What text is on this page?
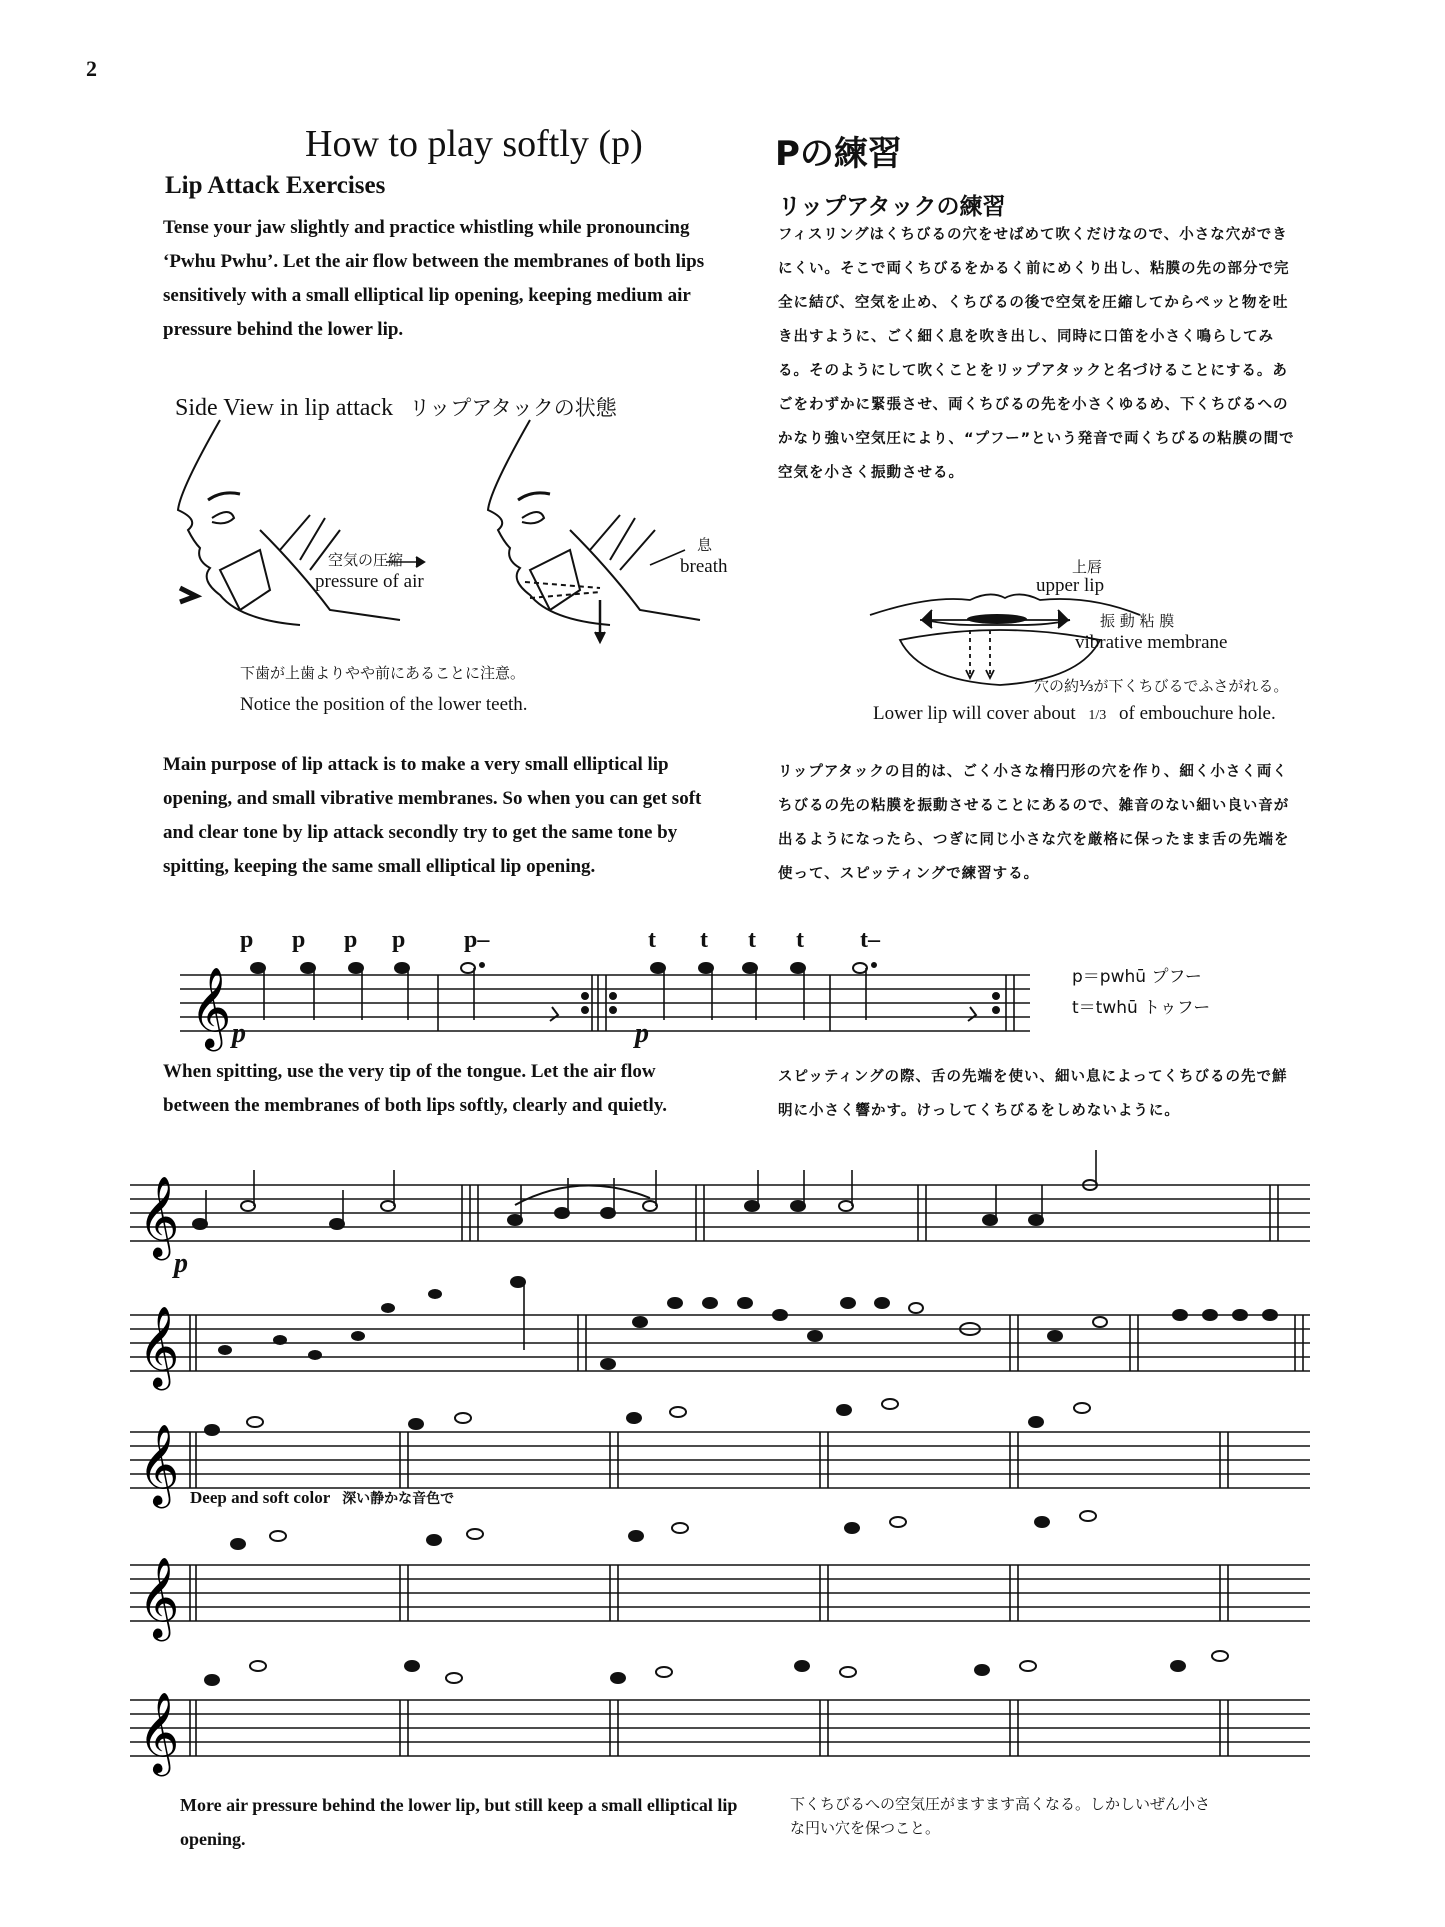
2
How to play softly (p)	Pの練習
Lip Attack Exercises
リップアタックの練習
Tense your jaw slightly and practice whistling while pronouncing ‘Pwhu Pwhu’. Let the air flow between the membranes of both lips sensitively with a small elliptical lip opening, keeping medium air pressure behind the lower lip.
フィスリングはくちびるの穴をせばめて吹くだけなので、小さな穴ができにくい。そこで両くちびるをかるく前にめくり出し、粘膜の先の部分で完全に結び、空気を止め、くちびるの後で空気を圧縮してからペッと物を吐き出すように、ごく細く息を吹き出し、同時に口笛を小さく鳴らしてみる。そのようにして吹くことをリップアタックと名づけることにする。あごをわずかに緊張させ、両くちびるの先を小さくゆるめ、下くちびるへのかなり強い空気圧により、“プフー”という発音で両くちびるの粘膜の間で空気を小さく振動させる。
Side View in lip attack リップアタックの状態
空気の圧縮
pressure of air
息
breath
下歯が上歯よりやや前にあることに注意。
Notice the position of the lower teeth.
上唇
upper lip
振 動 粘 膜
vibrative membrane
穴の約⅓が下くちびるでふさがれる。
Lower lip will cover about 1/3 of embouchure hole.
Main purpose of lip attack is to make a very small elliptical lip opening, and small vibrative membranes. So when you can get soft and clear tone by lip attack secondly try to get the same tone by spitting, keeping the same small elliptical lip opening.
リップアタックの目的は、ごく小さな楕円形の穴を作り、細く小さく両くちびるの先の粘膜を振動させることにあるので、雑音のない細い良い音が出るようになったら、つぎに同じ小さな穴を厳格に保ったまま舌の先端を使って、スピッティングで練習する。
p p p p p–	t t t t t–
𝄞 p	p
p＝pwhū プフー
t＝twhū トゥフー
When spitting, use the very tip of the tongue. Let the air flow between the membranes of both lips softly, clearly and quietly.
スピッティングの際、舌の先端を使い、細い息によってくちびるの先で鮮明に小さく響かす。けっしてくちびるをしめないように。
𝄞
p
𝄞
𝄞 Deep and soft color 深い静かな音色で
𝄞
𝄞
More air pressure behind the lower lip, but still keep a small elliptical lip opening.
下くちびるへの空気圧がますます高くなる。しかしいぜん小さな円い穴を保つこと。
